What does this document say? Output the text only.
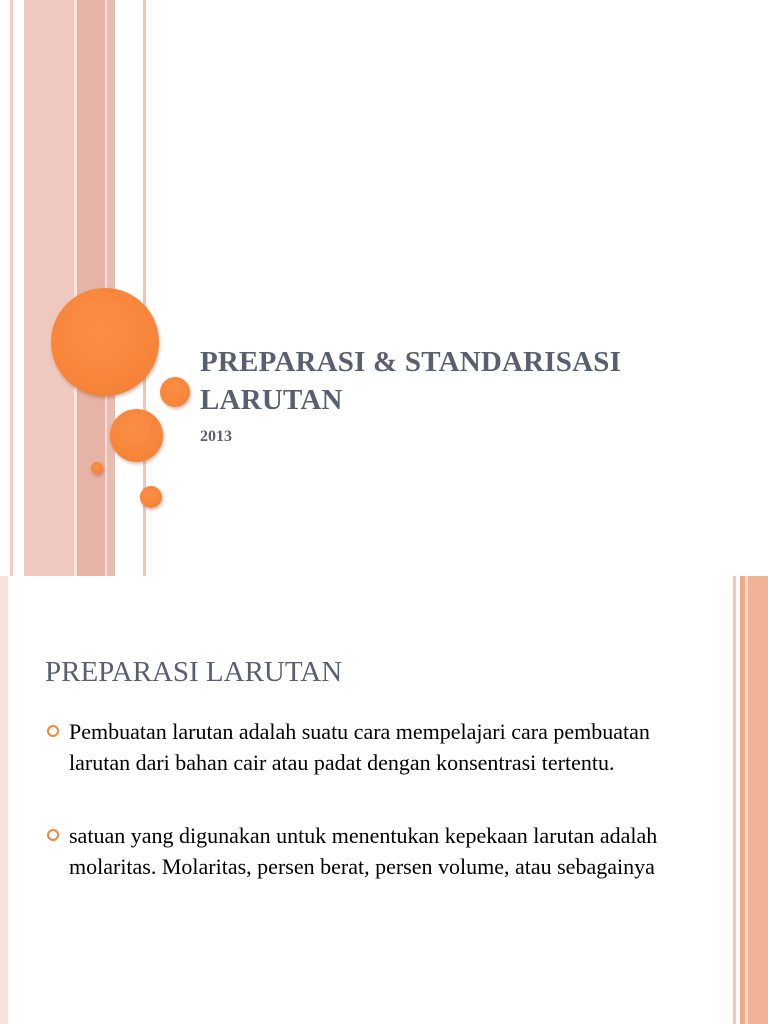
PREPARASI & STANDARISASI LARUTAN

2013

PREPARASI LARUTAN
Pembuatan larutan adalah suatu cara mempelajari cara pembuatan larutan dari bahan cair atau padat dengan konsentrasi tertentu.
satuan yang digunakan untuk menentukan kepekaan larutan adalah molaritas. Molaritas, persen berat, persen volume, atau sebagainya
